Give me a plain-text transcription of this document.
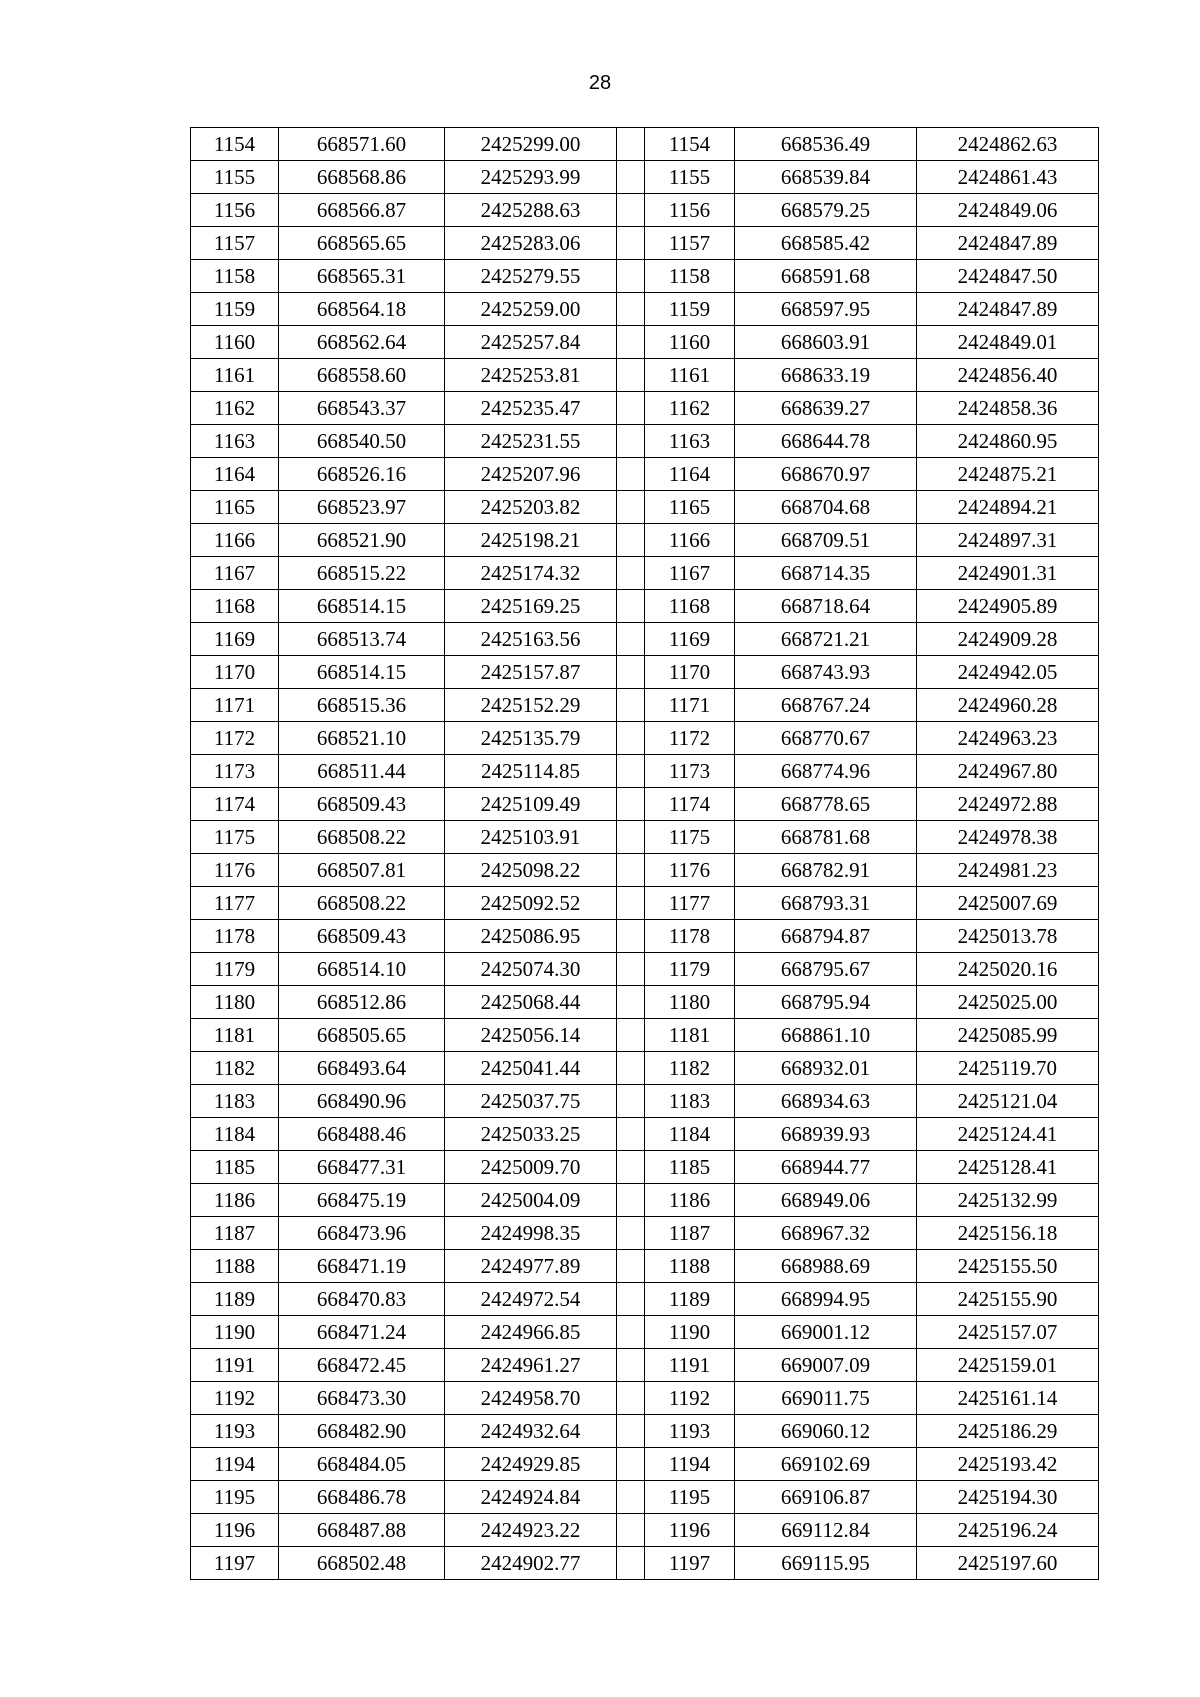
28
1154	668571.60	2425299.00		1154	668536.49	2424862.63
1155	668568.86	2425293.99		1155	668539.84	2424861.43
1156	668566.87	2425288.63		1156	668579.25	2424849.06
1157	668565.65	2425283.06		1157	668585.42	2424847.89
1158	668565.31	2425279.55		1158	668591.68	2424847.50
1159	668564.18	2425259.00		1159	668597.95	2424847.89
1160	668562.64	2425257.84		1160	668603.91	2424849.01
1161	668558.60	2425253.81		1161	668633.19	2424856.40
1162	668543.37	2425235.47		1162	668639.27	2424858.36
1163	668540.50	2425231.55		1163	668644.78	2424860.95
1164	668526.16	2425207.96		1164	668670.97	2424875.21
1165	668523.97	2425203.82		1165	668704.68	2424894.21
1166	668521.90	2425198.21		1166	668709.51	2424897.31
1167	668515.22	2425174.32		1167	668714.35	2424901.31
1168	668514.15	2425169.25		1168	668718.64	2424905.89
1169	668513.74	2425163.56		1169	668721.21	2424909.28
1170	668514.15	2425157.87		1170	668743.93	2424942.05
1171	668515.36	2425152.29		1171	668767.24	2424960.28
1172	668521.10	2425135.79		1172	668770.67	2424963.23
1173	668511.44	2425114.85		1173	668774.96	2424967.80
1174	668509.43	2425109.49		1174	668778.65	2424972.88
1175	668508.22	2425103.91		1175	668781.68	2424978.38
1176	668507.81	2425098.22		1176	668782.91	2424981.23
1177	668508.22	2425092.52		1177	668793.31	2425007.69
1178	668509.43	2425086.95		1178	668794.87	2425013.78
1179	668514.10	2425074.30		1179	668795.67	2425020.16
1180	668512.86	2425068.44		1180	668795.94	2425025.00
1181	668505.65	2425056.14		1181	668861.10	2425085.99
1182	668493.64	2425041.44		1182	668932.01	2425119.70
1183	668490.96	2425037.75		1183	668934.63	2425121.04
1184	668488.46	2425033.25		1184	668939.93	2425124.41
1185	668477.31	2425009.70		1185	668944.77	2425128.41
1186	668475.19	2425004.09		1186	668949.06	2425132.99
1187	668473.96	2424998.35		1187	668967.32	2425156.18
1188	668471.19	2424977.89		1188	668988.69	2425155.50
1189	668470.83	2424972.54		1189	668994.95	2425155.90
1190	668471.24	2424966.85		1190	669001.12	2425157.07
1191	668472.45	2424961.27		1191	669007.09	2425159.01
1192	668473.30	2424958.70		1192	669011.75	2425161.14
1193	668482.90	2424932.64		1193	669060.12	2425186.29
1194	668484.05	2424929.85		1194	669102.69	2425193.42
1195	668486.78	2424924.84		1195	669106.87	2425194.30
1196	668487.88	2424923.22		1196	669112.84	2425196.24
1197	668502.48	2424902.77		1197	669115.95	2425197.60
